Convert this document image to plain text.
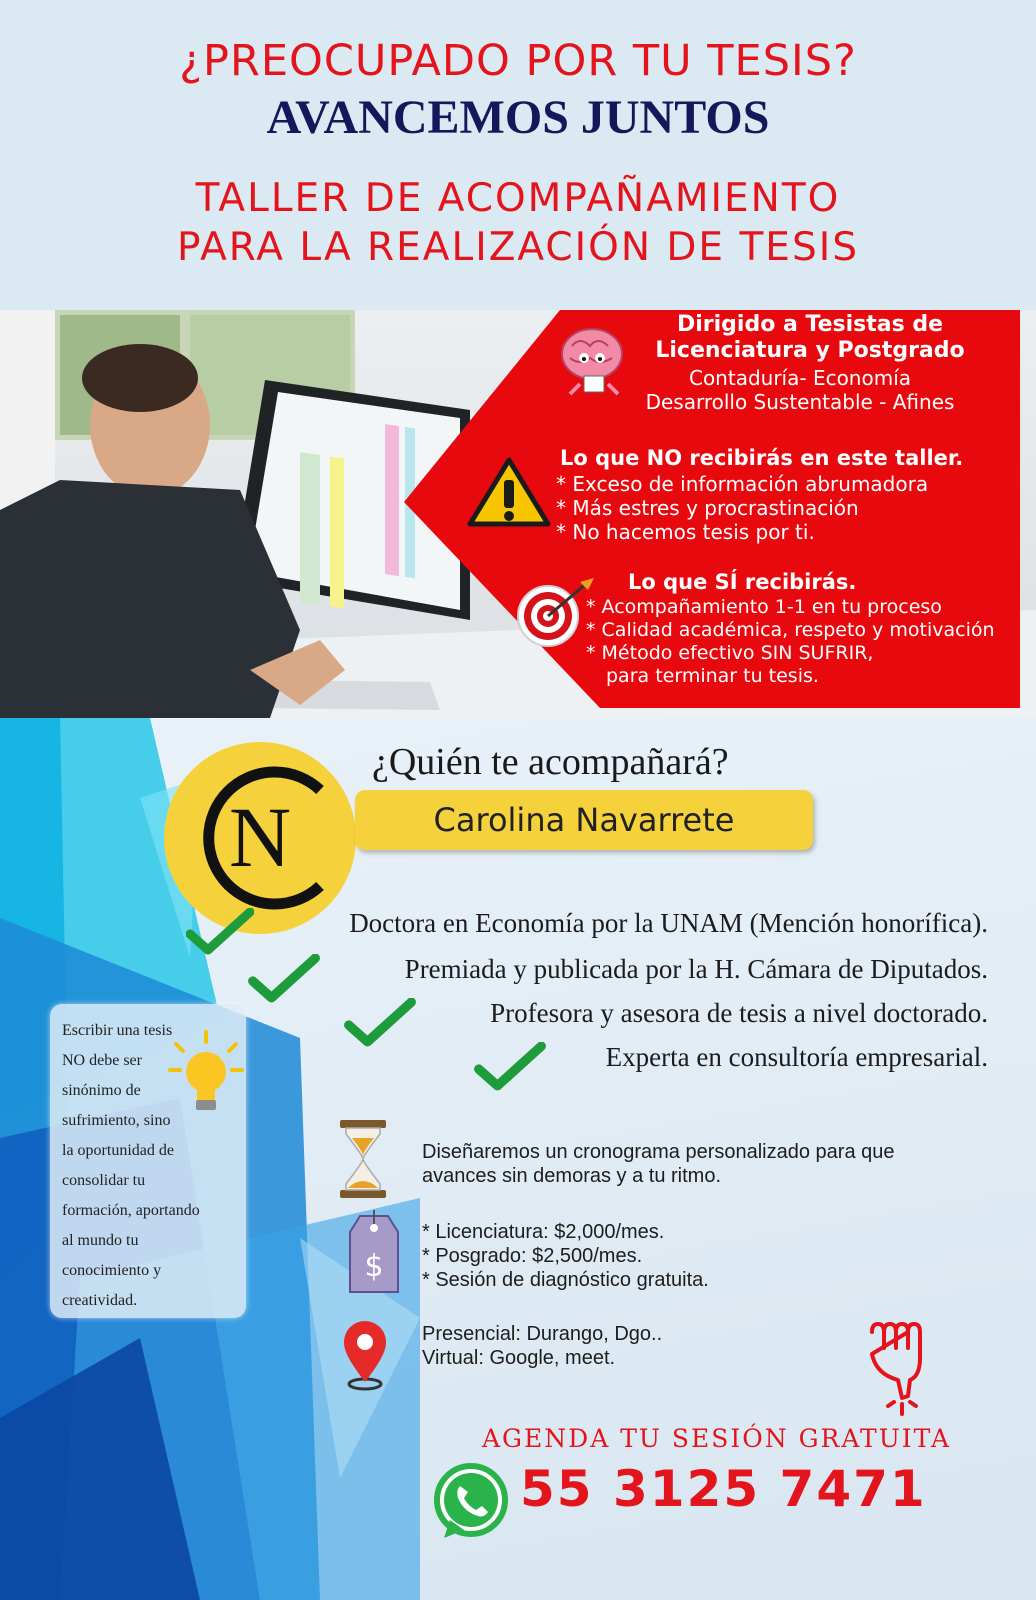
¿PREOCUPADO POR TU TESIS?
AVANCEMOS JUNTOS
TALLER DE ACOMPAÑAMIENTO
PARA LA REALIZACIÓN DE TESIS
Dirigido a Tesistas de
Licenciatura y Postgrado
Contaduría- Economía
Desarrollo Sustentable - Afines
Lo que NO recibirás en este taller.
* Exceso de información abrumadora
* Más estres y procrastinación
* No hacemos tesis por ti.
Lo que SÍ recibirás.
* Acompañamiento 1-1 en tu proceso
* Calidad académica, respeto y motivación
* Método efectivo SIN SUFRIR,
para terminar tu tesis.
N
¿Quién te acompañará?
Carolina Navarrete
Doctora en Economía por la UNAM (Mención honorífica).
Premiada y publicada por la H. Cámara de Diputados.
Profesora y asesora de tesis a nivel doctorado.
Experta en consultoría empresarial.
Escribir una tesis
NO debe ser
sinónimo de
sufrimiento, sino
la oportunidad de
consolidar tu
formación, aportando
al mundo tu
conocimiento y
creatividad.
Diseñaremos un cronograma personalizado para que
avances sin demoras y a tu ritmo.
$
* Licenciatura: $2,000/mes.
* Posgrado: $2,500/mes.
* Sesión de diagnóstico gratuita.
Presencial: Durango, Dgo..
Virtual: Google, meet.
AGENDA TU SESIÓN GRATUITA
55 3125 7471
